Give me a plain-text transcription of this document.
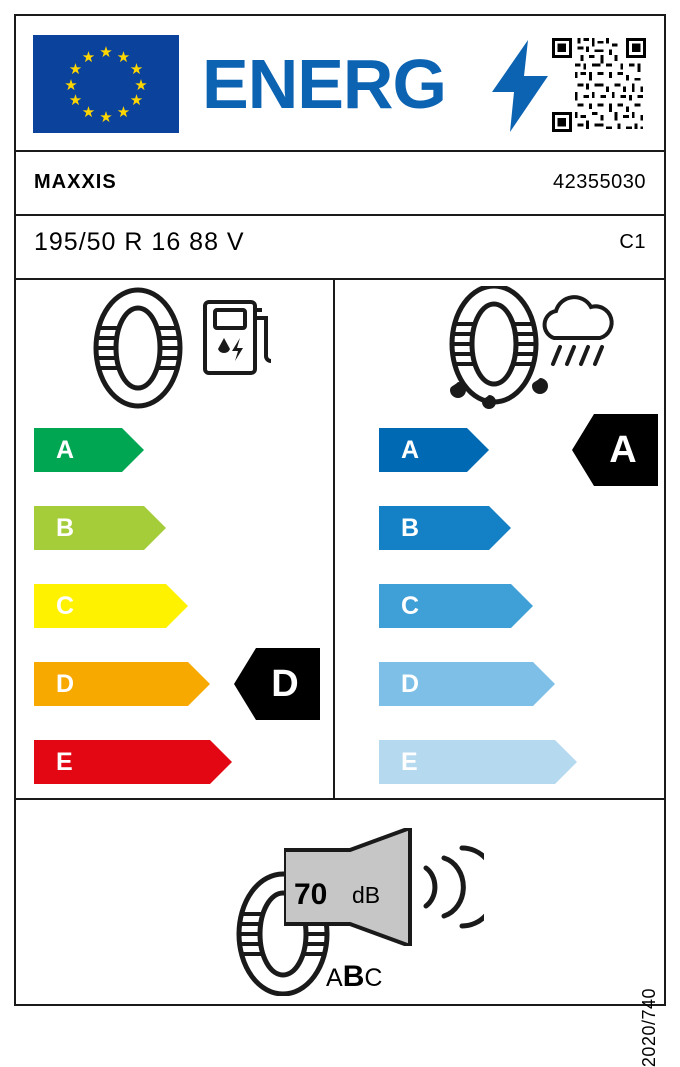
★
★ ★
★	★
★	★
★	★
★ ★
★ ENERG
MAXXIS	42355030
195/50 R 16 88 V	C1
A
B
C
D
E
D
A
B
C
D
E
A
70 dB
ABC
2020/740
